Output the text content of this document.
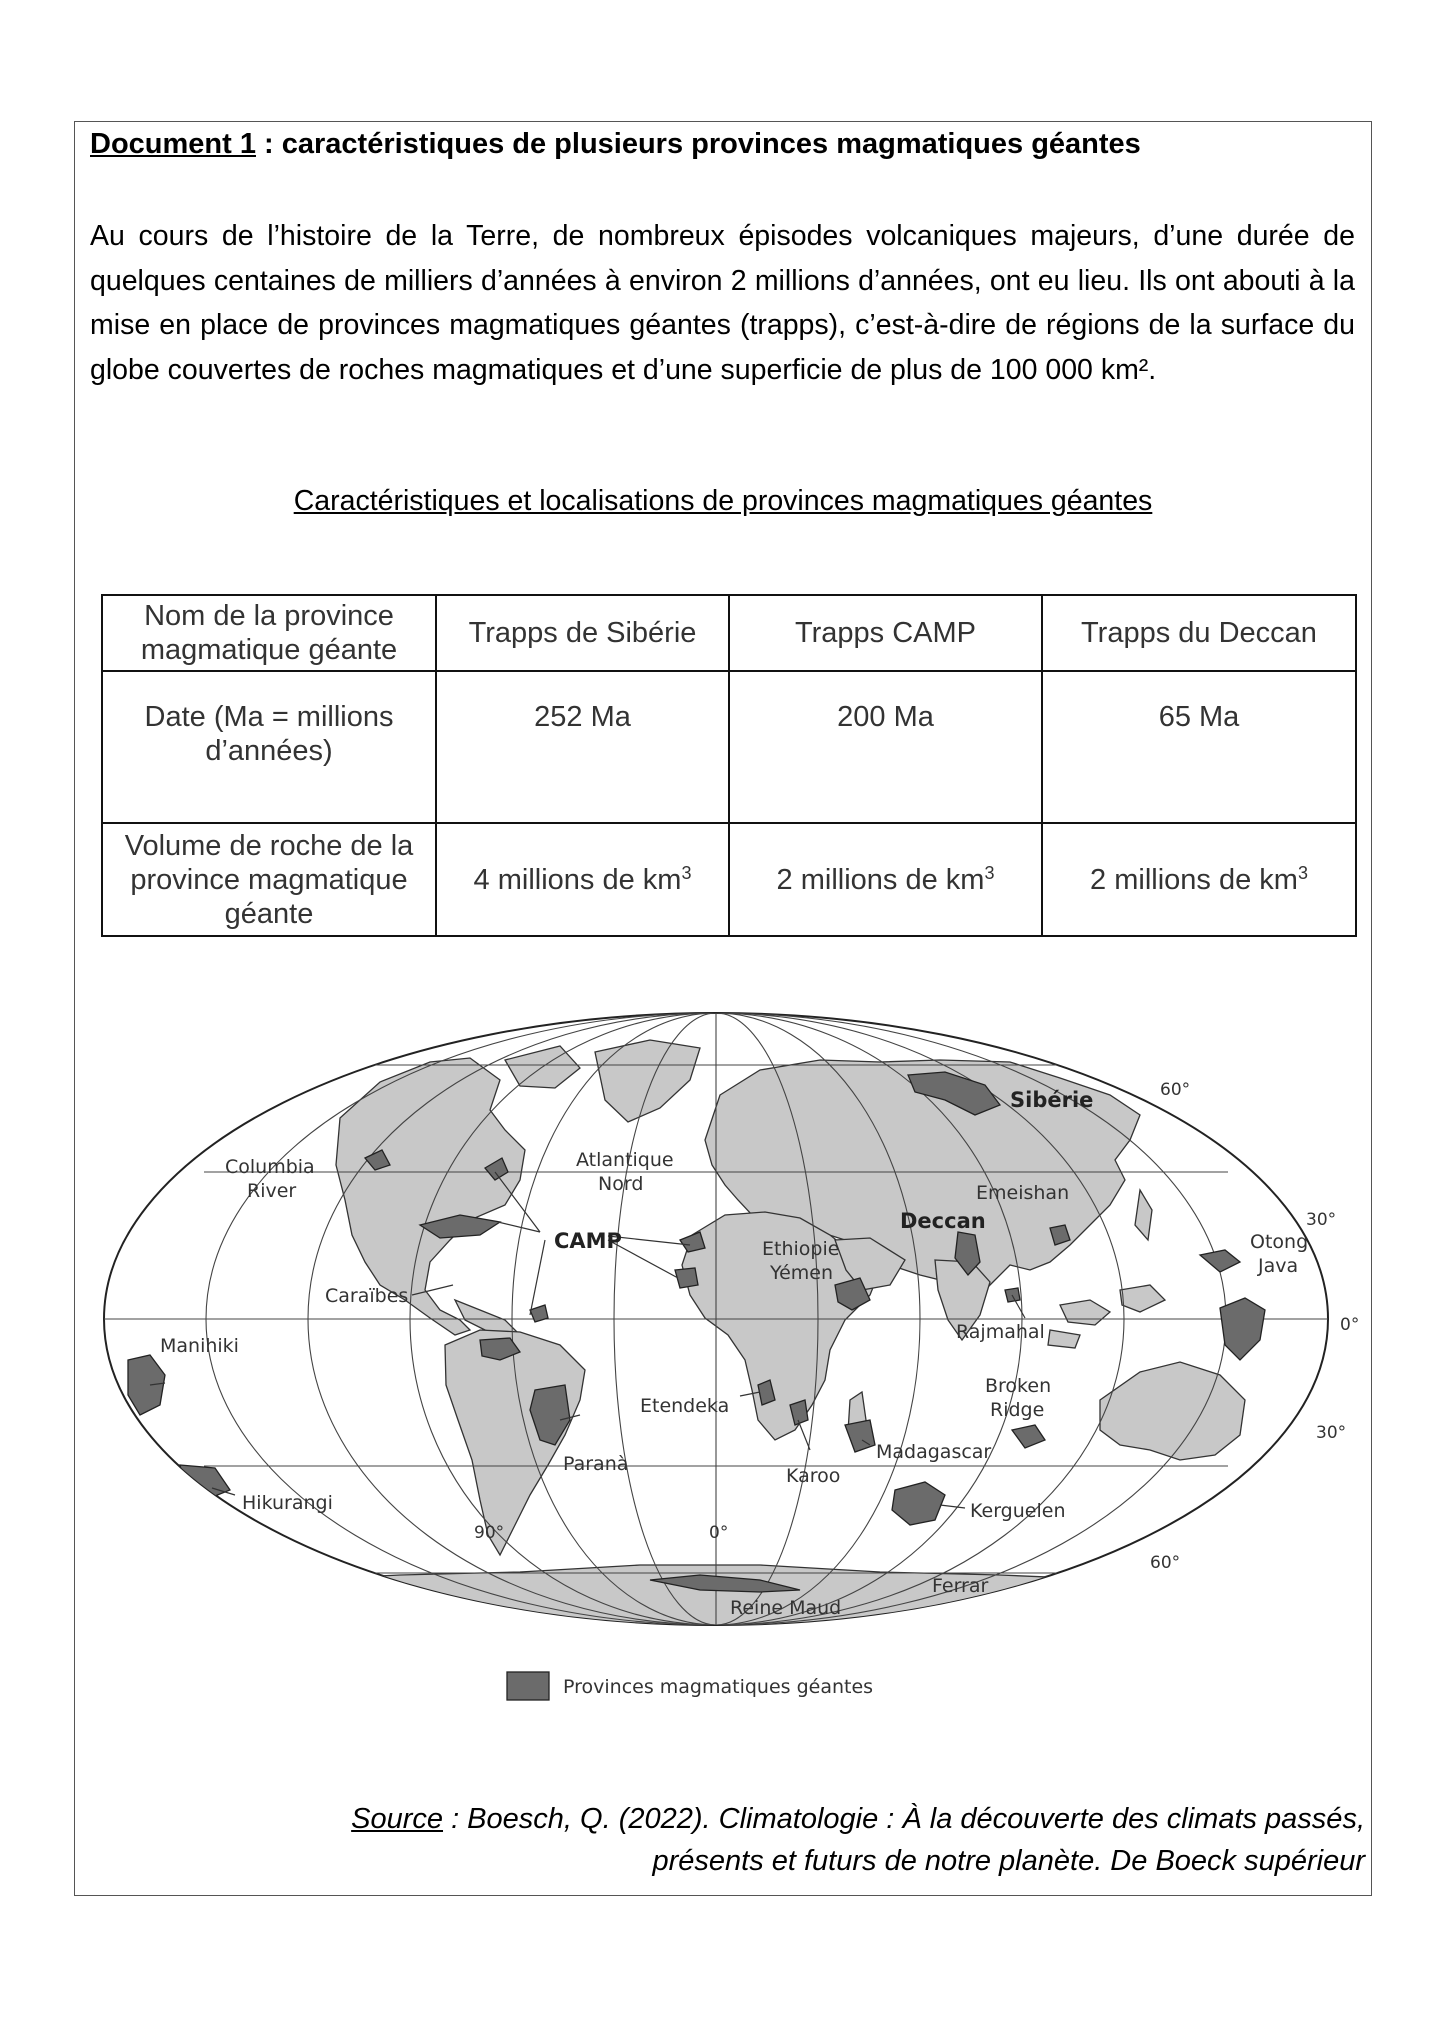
Document 1 : caractéristiques de plusieurs provinces magmatiques géantes
Au cours de l’histoire de la Terre, de nombreux épisodes volcaniques majeurs, d’une durée de quelques centaines de milliers d’années à environ 2 millions d’années, ont eu lieu. Ils ont abouti à la mise en place de provinces magmatiques géantes (trapps), c’est-à-dire de régions de la surface du globe couvertes de roches magmatiques et d’une superficie de plus de 100 000 km².
Caractéristiques et localisations de provinces magmatiques géantes
Nom de la province magmatique géante	Trapps de Sibérie	Trapps CAMP	Trapps du Deccan
Date (Ma = millions d’années)	252 Ma	200 Ma	65 Ma
Volume de roche de la province magmatique géante	4 millions de $km^3$	2 millions de $km^3$	2 millions de $km^3$
Columbia
River
Atlantique
Nord
CAMP
Sibérie
Emeishan
Deccan
Ethiopie
Yémen
Otong
Java
Caraïbes
Manihiki
Rajmahal
Broken
Ridge
Etendeka
Madagascar
Karoo
Paranà
Hikurangi	Kerguelen
Ferrar
Reine Maud
60°
30°
0°
30°
60°
90°	0°
Provinces magmatiques géantes
Source : Boesch, Q. (2022). Climatologie : À la découverte des climats passés,
présents et futurs de notre planète. De Boeck supérieur
